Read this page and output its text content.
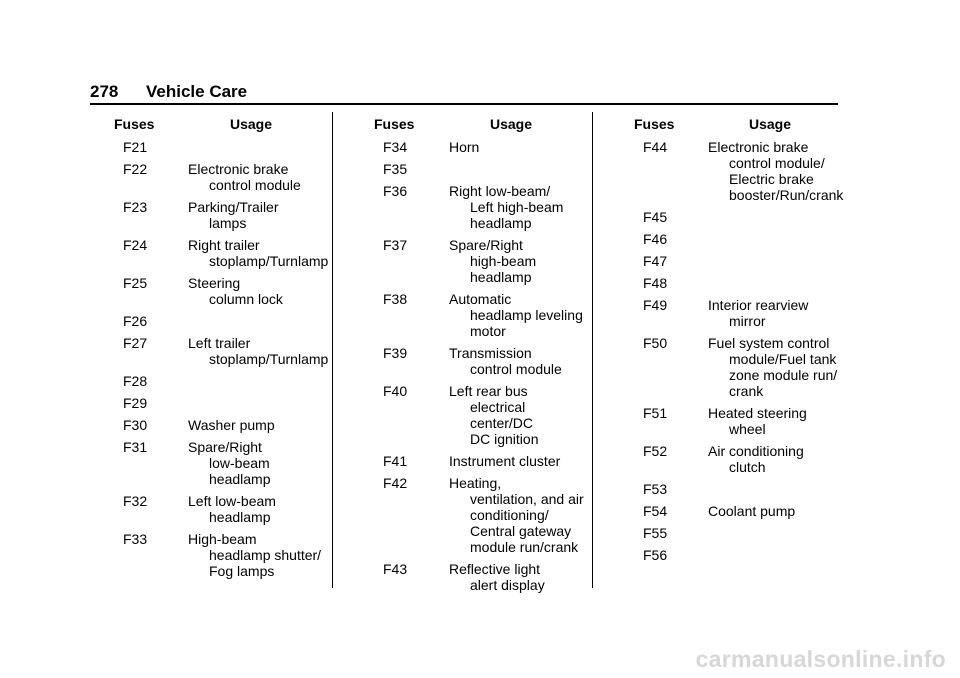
278 Vehicle Care
Fuses	Usage
F21

F22	Electronic brake
control module
F23	Parking/Trailer
lamps
F24	Right trailer
stoplamp/Turnlamp
F25	Steering
column lock
F26

F27	Left trailer
stoplamp/Turnlamp
F28

F29

F30	Washer pump
F31	Spare/Right
low-beam
headlamp
F32	Left low-beam
headlamp
F33	High-beam
headlamp shutter/
Fog lamps
Fuses	Usage
F34	Horn
F35

F36	Right low-beam/
Left high-beam
headlamp
F37	Spare/Right
high-beam
headlamp
F38	Automatic
headlamp leveling
motor
F39	Transmission
control module
F40	Left rear bus
electrical center/DC
DC ignition
F41	Instrument cluster
F42	Heating,
ventilation, and air
conditioning/
Central gateway
module run/crank
F43	Reflective light
alert display
Fuses	Usage
F44	Electronic brake
control module/
Electric brake
booster/Run/crank
F45

F46

F47

F48

F49	Interior rearview
mirror
F50	Fuel system control
module/Fuel tank
zone module run/
crank
F51	Heated steering
wheel
F52	Air conditioning
clutch
F53

F54	Coolant pump
F55

F56

carmanualsonline.info
